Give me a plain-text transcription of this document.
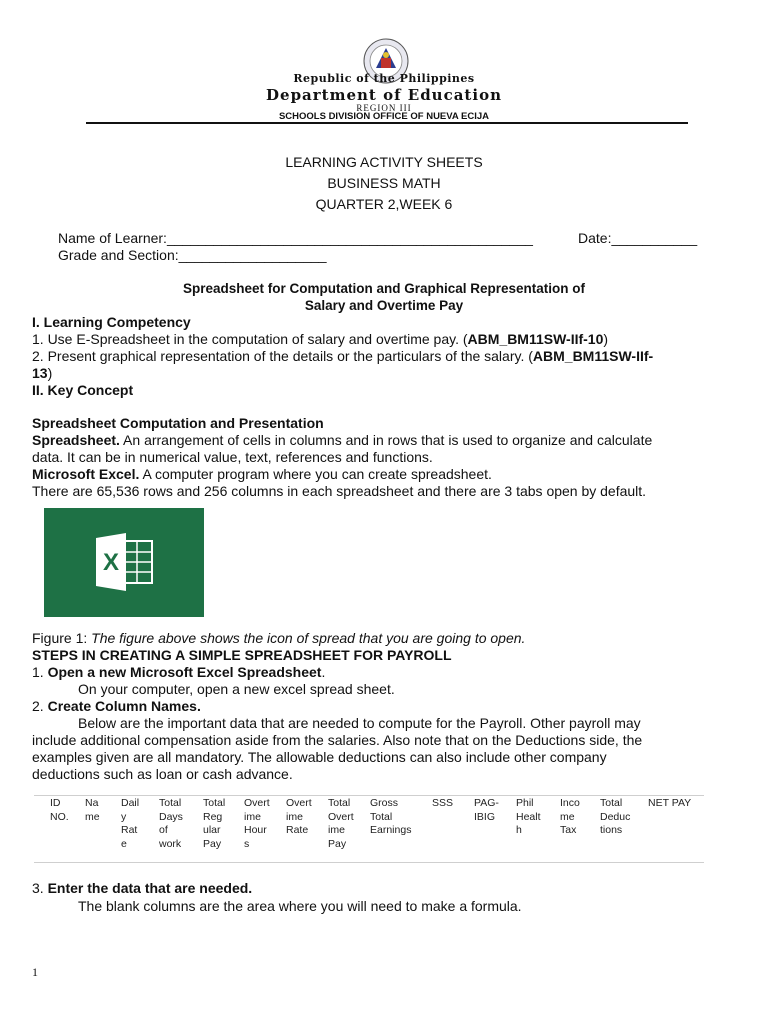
Republic of the Philippines
Department of Education
REGION III
SCHOOLS DIVISION OFFICE OF NUEVA ECIJA
LEARNING ACTIVITY SHEETS
BUSINESS MATH
QUARTER 2,WEEK 6
Name of Learner:_______________________________________________	Date:___________
Grade and Section:___________________
Spreadsheet for Computation and Graphical Representation of
Salary and Overtime Pay
I. Learning Competency
1. Use E-Spreadsheet in the computation of salary and overtime pay. (ABM_BM11SW-IIf-10)
2. Present graphical representation of the details or the particulars of the salary. (ABM_BM11SW-IIf-
13)
II. Key Concept
Spreadsheet Computation and Presentation
Spreadsheet. An arrangement of cells in columns and in rows that is used to organize and calculate
data. It can be in numerical value, text, references and functions.
Microsoft Excel. A computer program where you can create spreadsheet.
There are 65,536 rows and 256 columns in each spreadsheet and there are 3 tabs open by default.
X
Figure 1: The figure above shows the icon of spread that you are going to open.
STEPS IN CREATING A SIMPLE SPREADSHEET FOR PAYROLL
1. Open a new Microsoft Excel Spreadsheet.
On your computer, open a new excel spread sheet.
2. Create Column Names.
Below are the important data that are needed to compute for the Payroll. Other payroll may
include additional compensation aside from the salaries. Also note that on the Deductions side, the
examples given are all mandatory. The allowable deductions can also include other company
deductions such as loan or cash advance.
ID
NO.
Na
me
Dail
y
Rat
e
Total
Days
of
work
Total
Reg
ular
Pay
Overt
ime
Hour
s
Overt
ime
Rate
Total
Overt
ime
Pay
Gross
Total
Earnings
SSS PAG-
IBIG
Phil
Healt
h
Inco
me
Tax
Total
Deduc
tions
NET PAY
3. Enter the data that are needed.
The blank columns are the area where you will need to make a formula.
1
